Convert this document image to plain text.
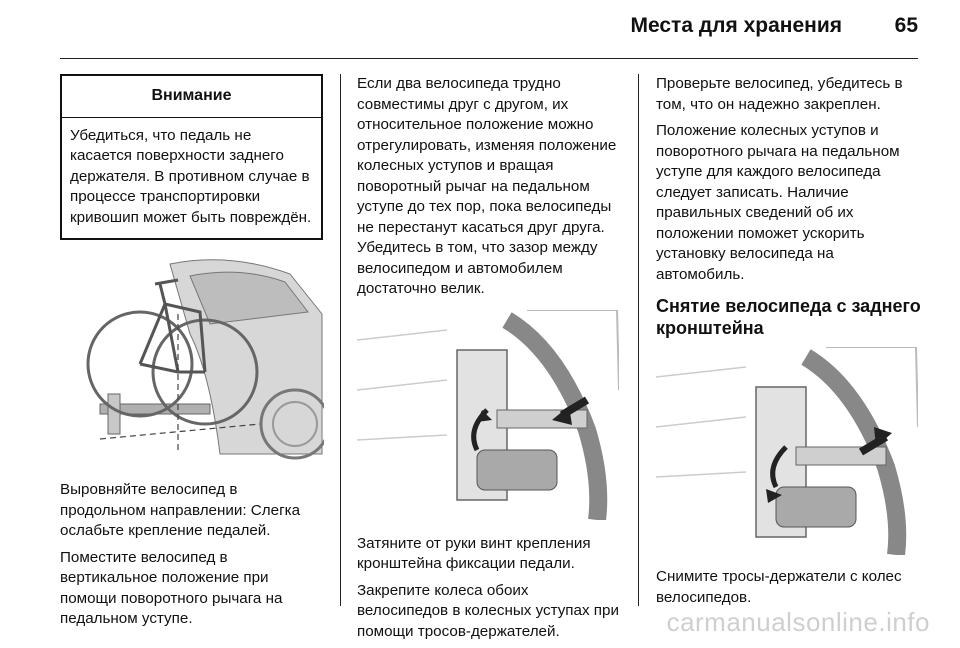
Места для хранения	65
Внимание
Убедиться, что педаль не касается поверхности заднего держателя. В противном случае в процессе транспортировки кривошип может быть повреждён.

Выровняйте велосипед в продольном направлении: Слегка ослабьте крепление педалей.

Поместите велосипед в вертикальное положение при помощи поворотного рычага на педальном уступе.

Если два велосипеда трудно совместимы друг с другом, их относительное положение можно отрегулировать, изменяя положение колесных уступов и вращая поворотный рычаг на педальном уступе до тех пор, пока велосипеды не перестанут касаться друг друга. Убедитесь в том, что зазор между велосипедом и автомобилем достаточно велик.

Затяните от руки винт крепления кронштейна фиксации педали.

Закрепите колеса обоих велосипедов в колесных уступах при помощи тросов-держателей.

Проверьте велосипед, убедитесь в том, что он надежно закреплен.

Положение колесных уступов и поворотного рычага на педальном уступе для каждого велосипеда следует записать. Наличие правильных сведений об их положении поможет ускорить установку велосипеда на автомобиль.

Снятие велосипеда с заднего кронштейна

Снимите тросы-держатели с колес велосипедов.

carmanualsonline.info
